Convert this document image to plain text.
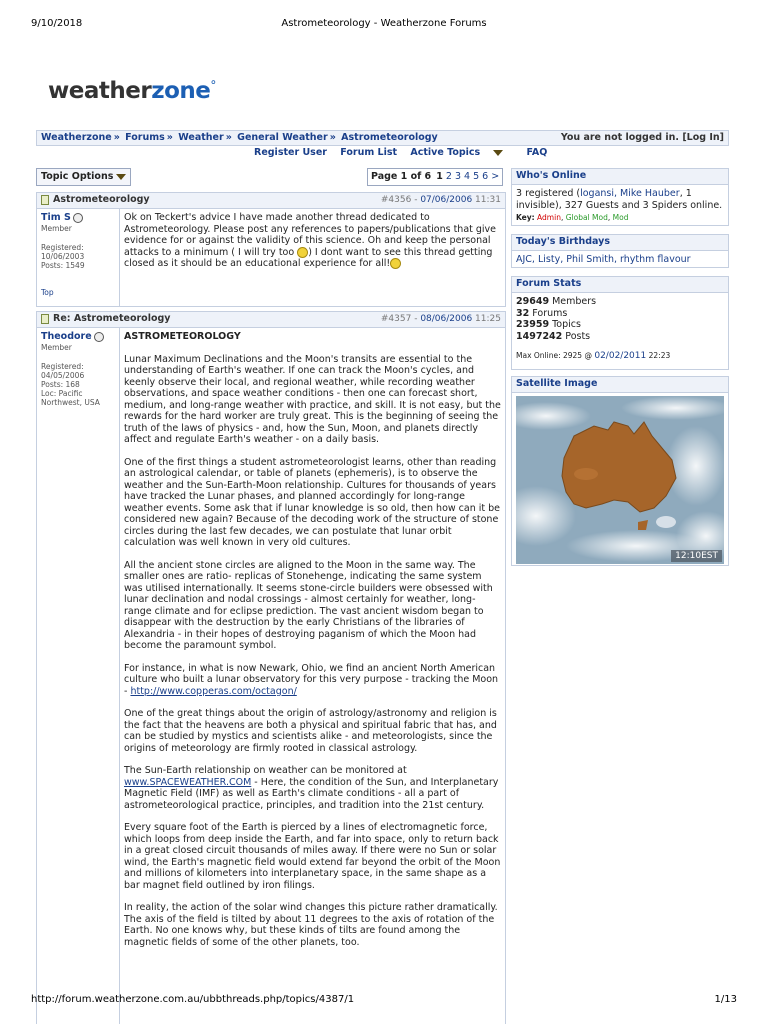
9/10/2018	Astrometeorology - Weatherzone Forums
weatherzone°
Weatherzone » Forums » Weather » General Weather » Astrometeorology	You are not logged in. [Log In]
Register User Forum List Active Topics	FAQ
Topic Options	Page 1 of 6 1 2 3 4 5 6 >
Astrometeorology	#4356 - 07/06/2006 11:31
Tim S
Member
Registered:
10/06/2003
Posts: 1549
Top
Ok on Teckert's advice I have made another thread dedicated to Astrometeorology. Please post any references to papers/publications that give evidence for or against the validity of this science. Oh and keep the personal attacks to a minimum ( I will try too ) I dont want to see this thread getting closed as it should be an educational experience for all!
Re: Astrometeorology	#4357 - 08/06/2006 11:25
Theodore
Member
Registered:
04/05/2006
Posts: 168
Loc: Pacific Northwest, USA

ASTROMETEOROLOGY

Lunar Maximum Declinations and the Moon's transits are essential to the understanding of Earth's weather. If one can track the Moon's cycles, and keenly observe their local, and regional weather, while recording weather observations, and space weather conditions - then one can forecast short, medium, and long-range weather with practice, and skill. It is not easy, but the rewards for the hard worker are truly great. This is the beginning of seeing the truth of the laws of physics - and, how the Sun, Moon, and planets directly affect and regulate Earth's weather - on a daily basis.

One of the first things a student astrometeorologist learns, other than reading an astrological calendar, or table of planets (ephemeris), is to observe the weather and the Sun-Earth-Moon relationship. Cultures for thousands of years have tracked the Lunar phases, and planned accordingly for long-range weather events. Some ask that if lunar knowledge is so old, then how can it be considered new again? Because of the decoding work of the structure of stone circles during the last few decades, we can postulate that lunar orbit calculation was well known in very old cultures.

All the ancient stone circles are aligned to the Moon in the same way. The smaller ones are ratio- replicas of Stonehenge, indicating the same system was utilised internationally. It seems stone-circle builders were obsessed with lunar declination and nodal crossings - almost certainly for weather, long-range climate and for eclipse prediction. The vast ancient wisdom began to disappear with the destruction by the early Christians of the libraries of Alexandria - in their hopes of destroying paganism of which the Moon had become the paramount symbol.

For instance, in what is now Newark, Ohio, we find an ancient North American culture who built a lunar observatory for this very purpose - tracking the Moon - http://www.copperas.com/octagon/

One of the great things about the origin of astrology/astronomy and religion is the fact that the heavens are both a physical and spiritual fabric that has, and can be studied by mystics and scientists alike - and meteorologists, since the origins of meteorology are firmly rooted in classical astrology.

The Sun-Earth relationship on weather can be monitored at www.SPACEWEATHER.COM - Here, the condition of the Sun, and Interplanetary Magnetic Field (IMF) as well as Earth's climate conditions - all a part of astrometeorological practice, principles, and tradition into the 21st century.

Every square foot of the Earth is pierced by a lines of electromagnetic force, which loops from deep inside the Earth, and far into space, only to return back in a great closed circuit thousands of miles away. If there were no Sun or solar wind, the Earth's magnetic field would extend far beyond the orbit of the Moon and millions of kilometers into interplanetary space, in the same shape as a bar magnet field outlined by iron filings.

In reality, the action of the solar wind changes this picture rather dramatically. The axis of the field is tilted by about 11 degrees to the axis of rotation of the Earth. No one knows why, but these kinds of tilts are found among the magnetic fields of some of the other planets, too.

Who's Online
3 registered (logansi, Mike Hauber, 1 invisible), 327 Guests and 3 Spiders online.
Key: Admin, Global Mod, Mod
Today's Birthdays
AJC, Listy, Phil Smith, rhythm flavour
Forum Stats
29649 Members
32 Forums
23959 Topics
1497242 Posts
Max Online: 2925 @ 02/02/2011 22:23
Satellite Image
12:10EST
http://forum.weatherzone.com.au/ubbthreads.php/topics/4387/1	1/13
